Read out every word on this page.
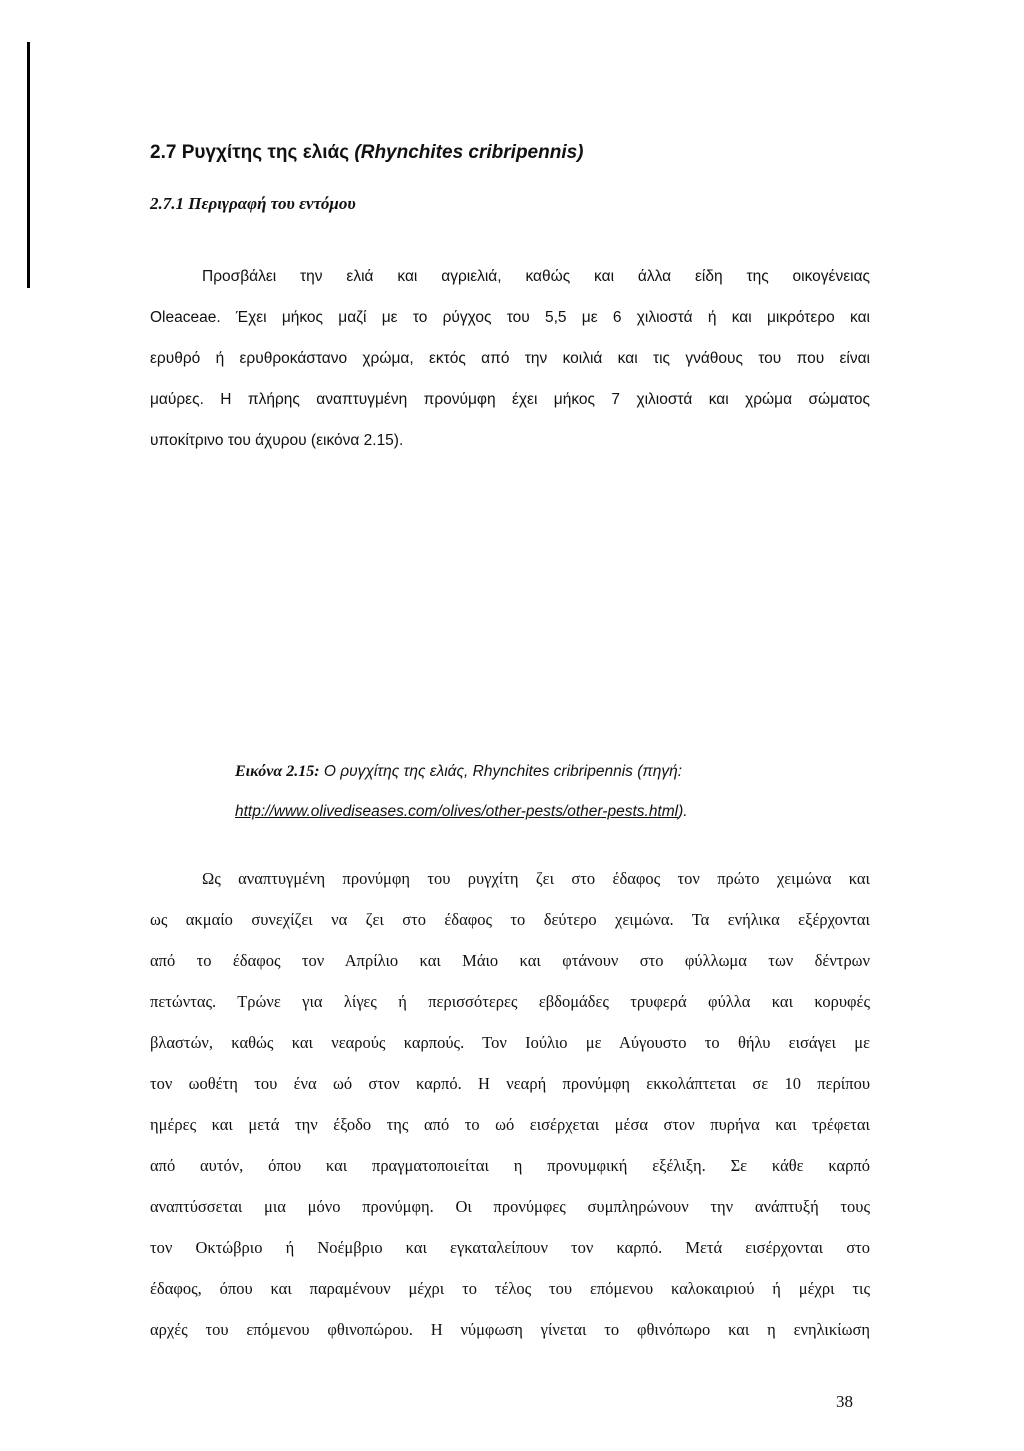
2.7 Ρυγχίτης της ελιάς (Rhynchites cribripennis)
2.7.1 Περιγραφή του εντόμου
Προσβάλει την ελιά και αγριελιά, καθώς και άλλα είδη της οικογένειας
Oleaceae. Έχει μήκος μαζί με το ρύγχος του 5,5 με 6 χιλιοστά ή και μικρότερο και
ερυθρό ή ερυθροκάστανο χρώμα, εκτός από την κοιλιά και τις γνάθους του που είναι
μαύρες. Η πλήρης αναπτυγμένη προνύμφη έχει μήκος 7 χιλιοστά και χρώμα σώματος
υποκίτρινο του άχυρου (εικόνα 2.15).
Εικόνα 2.15: Ο ρυγχίτης της ελιάς, Rhynchites cribripennis (πηγή:
http://www.olivediseases.com/olives/other-pests/other-pests.html).
Ως αναπτυγμένη προνύμφη του ρυγχίτη ζει στο έδαφος τον πρώτο χειμώνα και
ως ακμαίο συνεχίζει να ζει στο έδαφος το δεύτερο χειμώνα. Τα ενήλικα εξέρχονται
από το έδαφος τον Απρίλιο και Μάιο και φτάνουν στο φύλλωμα των δέντρων
πετώντας. Τρώνε για λίγες ή περισσότερες εβδομάδες τρυφερά φύλλα και κορυφές
βλαστών, καθώς και νεαρούς καρπούς. Τον Ιούλιο με Αύγουστο το θήλυ εισάγει με
τον ωοθέτη του ένα ωό στον καρπό. Η νεαρή προνύμφη εκκολάπτεται σε 10 περίπου
ημέρες και μετά την έξοδο της από το ωό εισέρχεται μέσα στον πυρήνα και τρέφεται
από αυτόν, όπου και πραγματοποιείται η προνυμφική εξέλιξη. Σε κάθε καρπό
αναπτύσσεται μια μόνο προνύμφη. Οι προνύμφες συμπληρώνουν την ανάπτυξή τους
τον Οκτώβριο ή Νοέμβριο και εγκαταλείπουν τον καρπό. Μετά εισέρχονται στο
έδαφος, όπου και παραμένουν μέχρι το τέλος του επόμενου καλοκαιριού ή μέχρι τις
αρχές του επόμενου φθινοπώρου. Η νύμφωση γίνεται το φθινόπωρο και η ενηλικίωση
38
